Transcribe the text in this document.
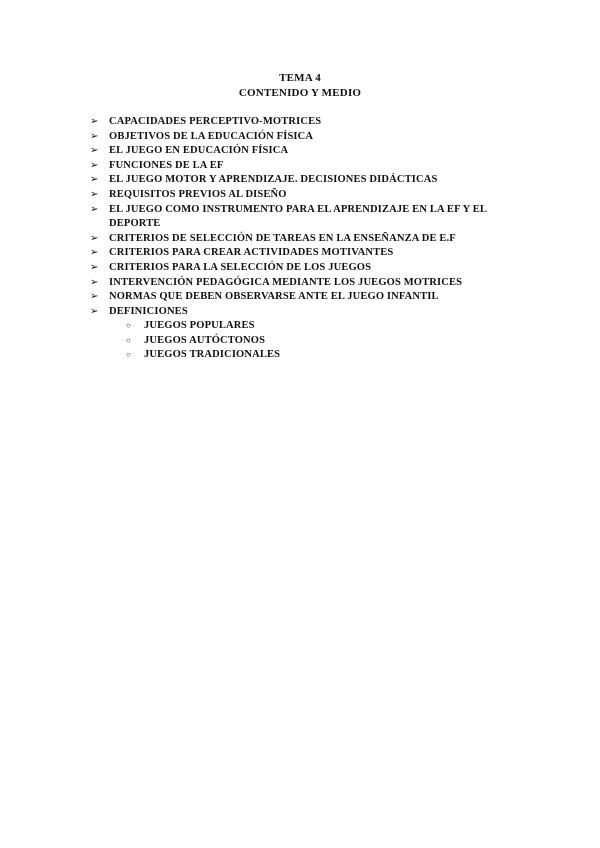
TEMA 4
CONTENIDO Y MEDIO
➢ CAPACIDADES PERCEPTIVO-MOTRICES
➢ OBJETIVOS DE LA EDUCACIÓN FÍSICA
➢ EL JUEGO EN EDUCACIÓN FÍSICA
➢ FUNCIONES DE LA EF
➢ EL JUEGO MOTOR Y APRENDIZAJE. DECISIONES DIDÁCTICAS
➢ REQUISITOS PREVIOS AL DISEÑO
➢ EL JUEGO COMO INSTRUMENTO PARA EL APRENDIZAJE EN LA EF Y EL DEPORTE
➢ CRITERIOS DE SELECCIÓN DE TAREAS EN LA ENSEÑANZA DE E.F
➢ CRITERIOS PARA CREAR ACTIVIDADES MOTIVANTES
➢ CRITERIOS PARA LA SELECCIÓN DE LOS JUEGOS
➢ INTERVENCIÓN PEDAGÓGICA MEDIANTE LOS JUEGOS MOTRICES
➢ NORMAS QUE DEBEN OBSERVARSE ANTE EL JUEGO INFANTIL
➢ DEFINICIONES
○	JUEGOS POPULARES
○	JUEGOS AUTÓCTONOS
○	JUEGOS TRADICIONALES
